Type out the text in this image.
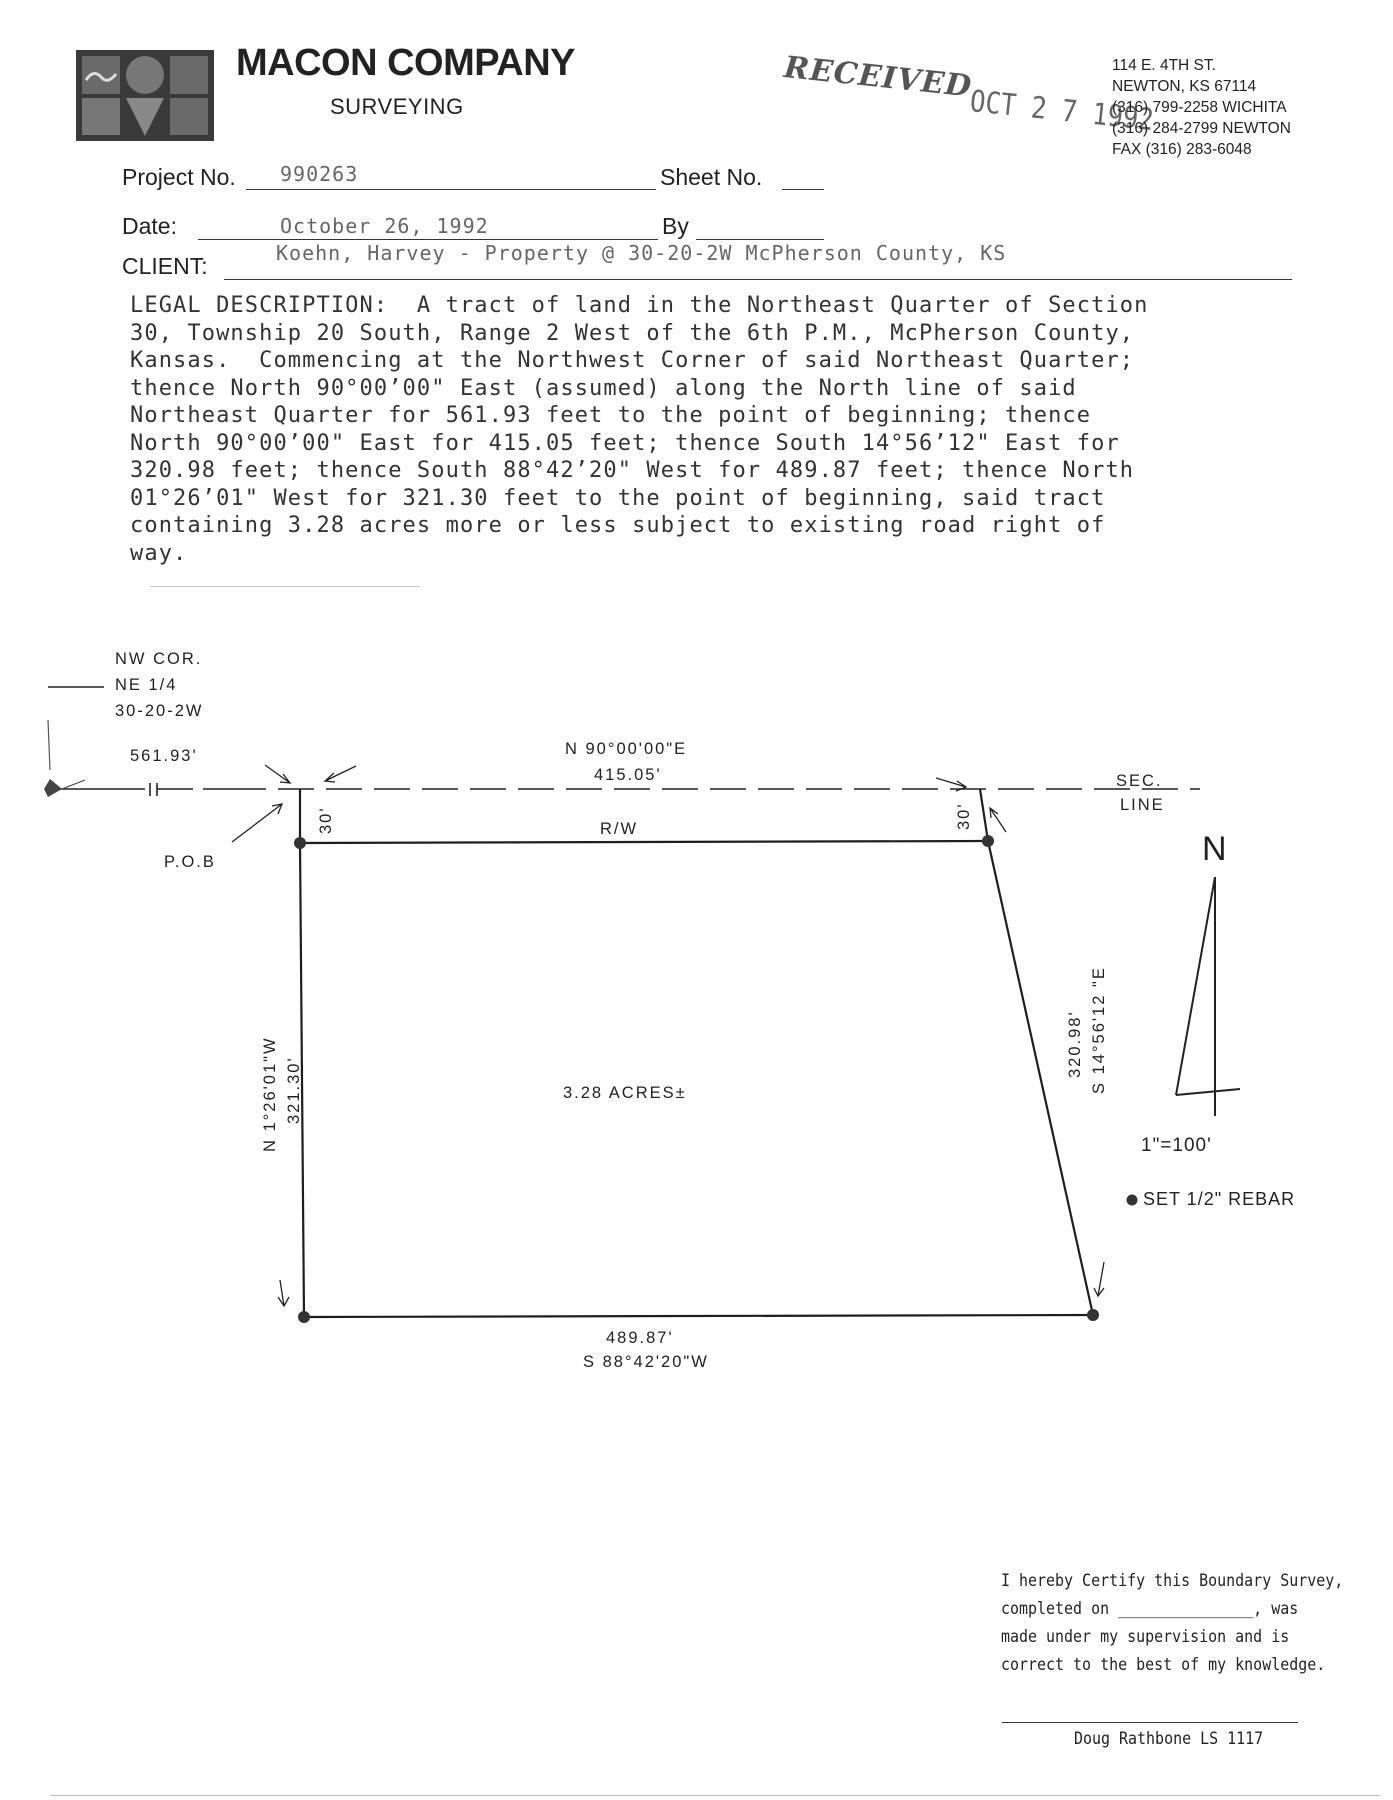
MACON COMPANY
SURVEYING
RECEIVED
OCT 2 7 1992
114 E. 4TH ST.
NEWTON, KS 67114
(316) 799-2258 WICHITA
(316) 284-2799 NEWTON
FAX (316) 283-6048
Project No. 990263	Sheet No.
Date:	October 26, 1992	By
CLIENT:	Koehn, Harvey - Property @ 30-20-2W McPherson County, KS
LEGAL DESCRIPTION:  A tract of land in the Northeast Quarter of Section
30, Township 20 South, Range 2 West of the 6th P.M., McPherson County,
Kansas.  Commencing at the Northwest Corner of said Northeast Quarter;
thence North 90°00’00" East (assumed) along the North line of said
Northeast Quarter for 561.93 feet to the point of beginning; thence
North 90°00’00" East for 415.05 feet; thence South 14°56’12" East for
320.98 feet; thence South 88°42’20" West for 489.87 feet; thence North
01°26’01" West for 321.30 feet to the point of beginning, said tract
containing 3.28 acres more or less subject to existing road right of
way.
NW COR.
NE 1/4
30-20-2W
561.93'	N 90°00'00"E
415.05'	SEC.
LINE
R/W
30'	30'
P.O.B
N 1°26'01"W 321.30'
320.98' S 14°56'12 "E
3.28 ACRES±
489.87'
S 88°42'20"W
N
1"=100'
SET 1/2" REBAR
I hereby Certify this Boundary Survey,
completed on _______________, was
made under my supervision and is
correct to the best of my knowledge.
Doug Rathbone LS 1117
